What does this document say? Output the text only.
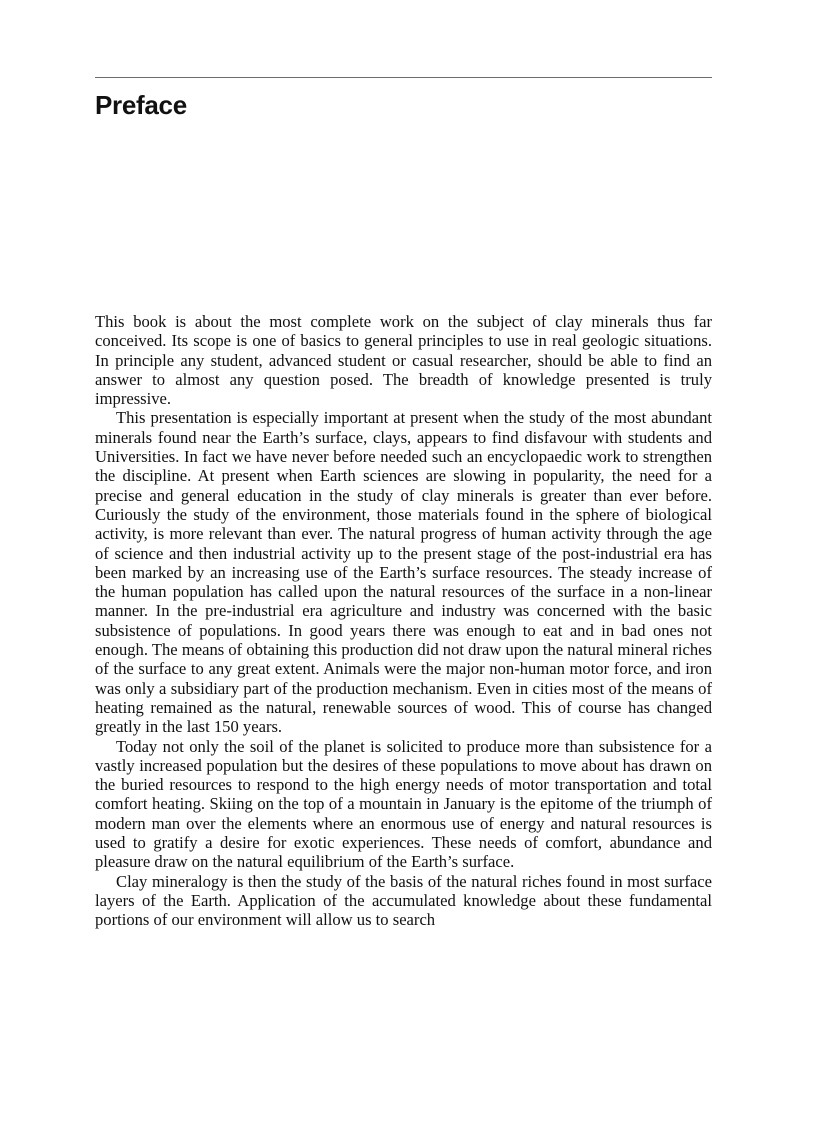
Preface

This book is about the most complete work on the subject of clay minerals thus far conceived. Its scope is one of basics to general principles to use in real geologic situations. In principle any student, advanced student or casual researcher, should be able to find an answer to almost any question posed. The breadth of knowledge presented is truly impressive.

This presentation is especially important at present when the study of the most abundant minerals found near the Earth’s surface, clays, appears to find disfavour with students and Universities. In fact we have never before needed such an encyclopaedic work to strengthen the discipline. At present when Earth sciences are slowing in popularity, the need for a precise and general education in the study of clay minerals is greater than ever before. Curiously the study of the environment, those materials found in the sphere of biological activity, is more relevant than ever. The natural progress of human activity through the age of science and then industrial activity up to the present stage of the post-industrial era has been marked by an increasing use of the Earth’s surface resources. The steady increase of the human population has called upon the natural resources of the surface in a non-linear manner. In the pre-industrial era agriculture and industry was concerned with the basic subsistence of populations. In good years there was enough to eat and in bad ones not enough. The means of obtaining this production did not draw upon the natural mineral riches of the surface to any great extent. Animals were the major non-human motor force, and iron was only a subsidiary part of the production mechanism. Even in cities most of the means of heating remained as the natural, renewable sources of wood. This of course has changed greatly in the last 150 years.

Today not only the soil of the planet is solicited to produce more than subsistence for a vastly increased population but the desires of these populations to move about has drawn on the buried resources to respond to the high energy needs of motor transportation and total comfort heating. Skiing on the top of a mountain in January is the epitome of the triumph of modern man over the elements where an enormous use of energy and natural resources is used to gratify a desire for exotic experiences. These needs of comfort, abundance and pleasure draw on the natural equilibrium of the Earth’s surface.

Clay mineralogy is then the study of the basis of the natural riches found in most surface layers of the Earth. Application of the accumulated knowledge about these fundamental portions of our environment will allow us to search
